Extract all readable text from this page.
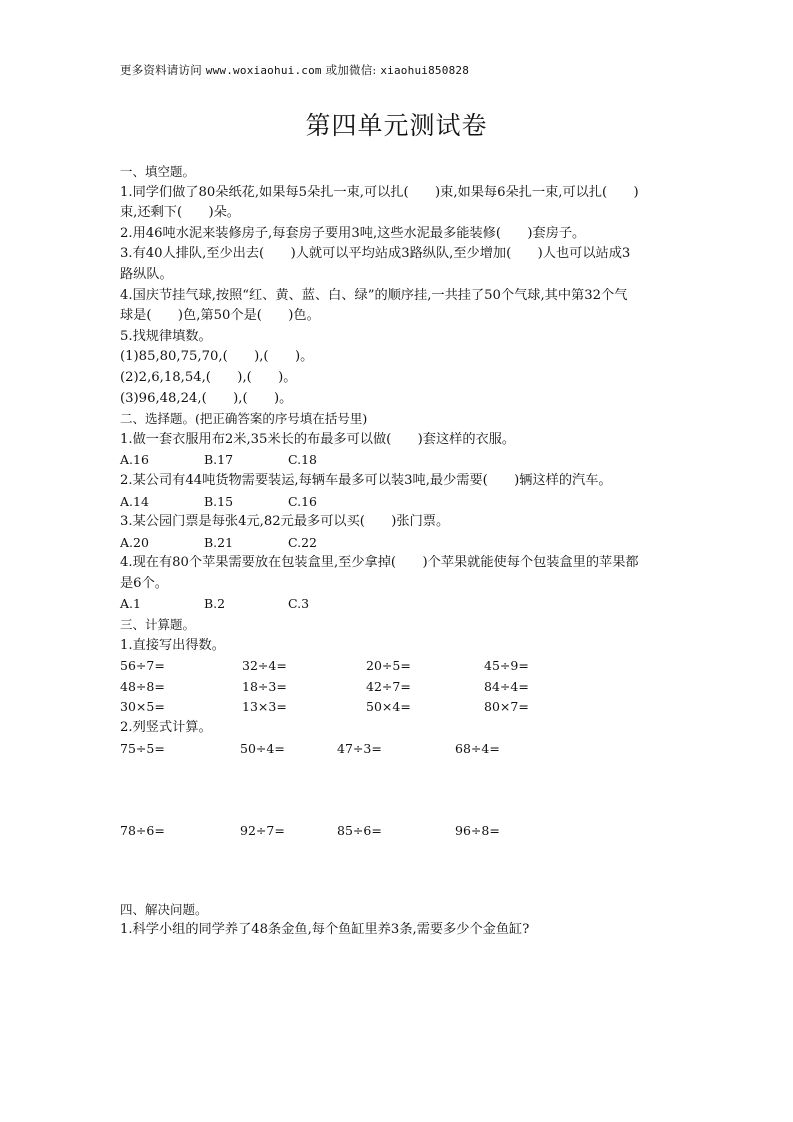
更多资料请访问 www.woxiaohui.com 或加微信: xiaohui850828
第四单元测试卷
一、填空题。
1.同学们做了80朵纸花,如果每5朵扎一束,可以扎(　　)束,如果每6朵扎一束,可以扎(　　)
束,还剩下(　　)朵。
2.用46吨水泥来装修房子,每套房子要用3吨,这些水泥最多能装修(　　)套房子。
3.有40人排队,至少出去(　　)人就可以平均站成3路纵队,至少增加(　　)人也可以站成3
路纵队。
4.国庆节挂气球,按照“红、黄、蓝、白、绿”的顺序挂,一共挂了50个气球,其中第32个气
球是(　　)色,第50个是(　　)色。
5.找规律填数。
(1)85,80,75,70,(　　),(　　)。
(2)2,6,18,54,(　　),(　　)。
(3)96,48,24,(　　),(　　)。
二、选择题。(把正确答案的序号填在括号里)
1.做一套衣服用布2米,35米长的布最多可以做(　　)套这样的衣服。
A.16	B.17	C.18
2.某公司有44吨货物需要装运,每辆车最多可以装3吨,最少需要(　　)辆这样的汽车。
A.14	B.15	C.16
3.某公园门票是每张4元,82元最多可以买(　　)张门票。
A.20	B.21	C.22
4.现在有80个苹果需要放在包装盒里,至少拿掉(　　)个苹果就能使每个包装盒里的苹果都
是6个。
A.1	B.2	C.3
三、计算题。
1.直接写出得数。
56÷7=	32÷4=	20÷5=	45÷9=
48÷8=	18÷3=	42÷7=	84÷4=
30×5=	13×3=	50×4=	80×7=
2.列竖式计算。
75÷5=	50÷4=	47÷3=	68÷4=
78÷6=	92÷7=	85÷6=	96÷8=
四、解决问题。
1.科学小组的同学养了48条金鱼,每个鱼缸里养3条,需要多少个金鱼缸?
